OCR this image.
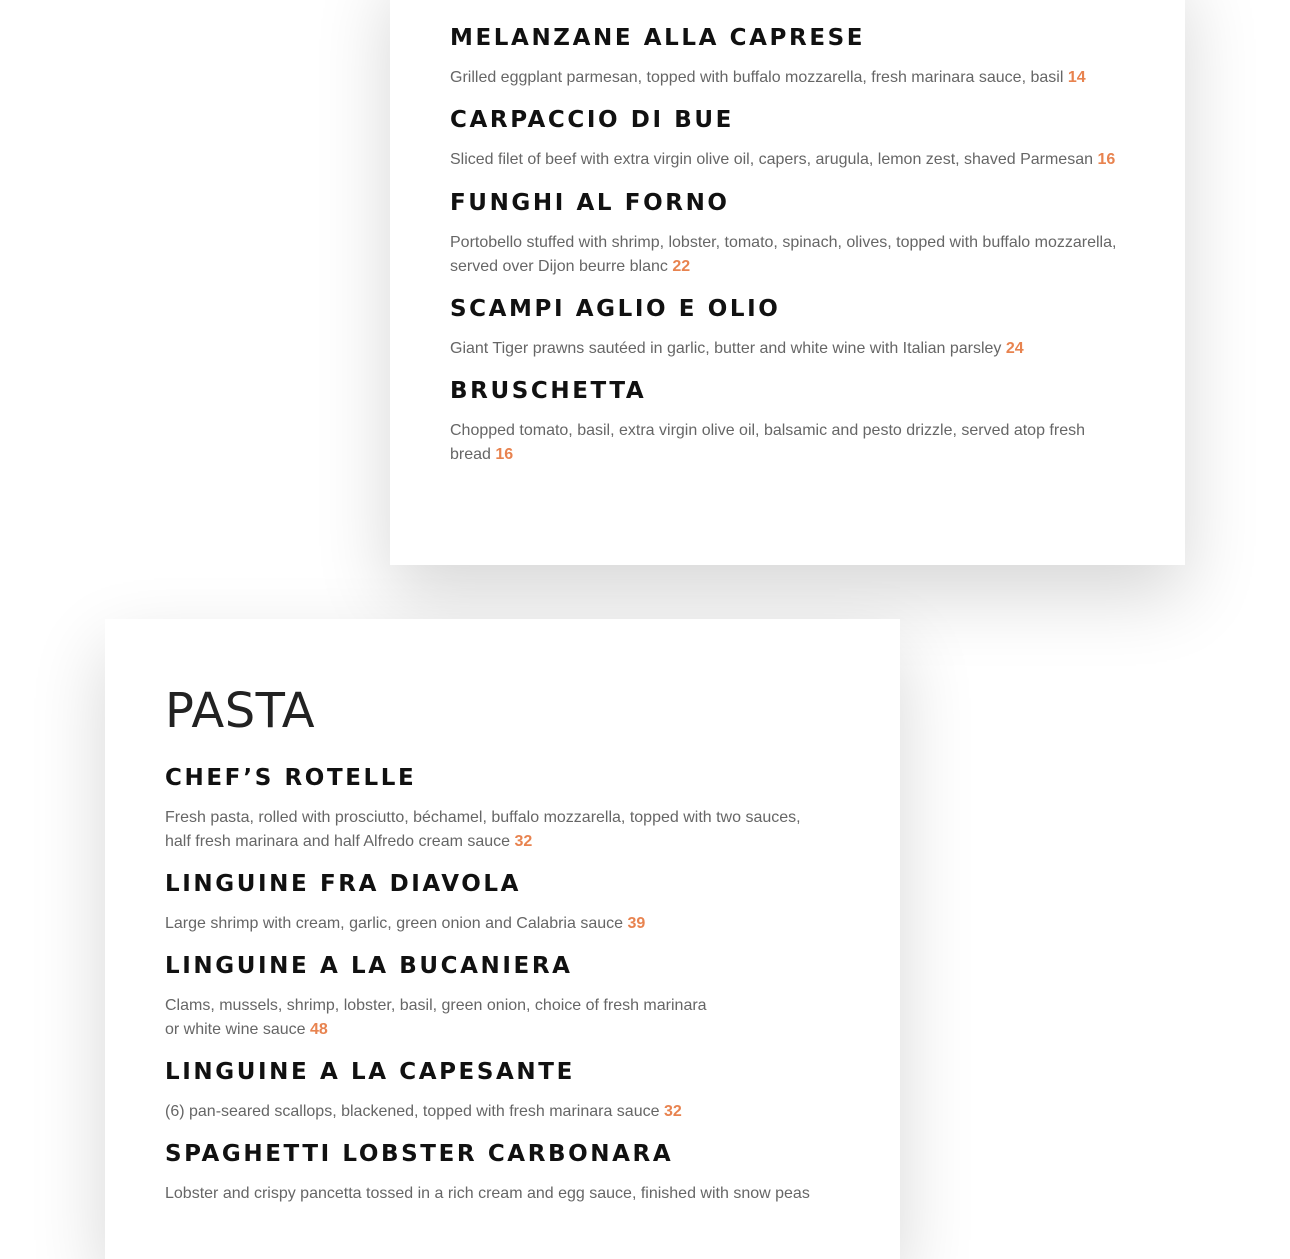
MELANZANE ALLA CAPRESE

Grilled eggplant parmesan, topped with buffalo mozzarella, fresh marinara sauce, basil 14

CARPACCIO DI BUE

Sliced filet of beef with extra virgin olive oil, capers, arugula, lemon zest, shaved Parmesan 16

FUNGHI AL FORNO

Portobello stuffed with shrimp, lobster, tomato, spinach, olives, topped with buffalo mozzarella, served over Dijon beurre blanc 22

SCAMPI AGLIO E OLIO

Giant Tiger prawns sautéed in garlic, butter and white wine with Italian parsley 24

BRUSCHETTA

Chopped tomato, basil, extra virgin olive oil, balsamic and pesto drizzle, served atop fresh bread 16

PASTA
CHEF’S ROTELLE

Fresh pasta, rolled with prosciutto, béchamel, buffalo mozzarella, topped with two sauces, half fresh marinara and half Alfredo cream sauce 32

LINGUINE FRA DIAVOLA

Large shrimp with cream, garlic, green onion and Calabria sauce 39

LINGUINE A LA BUCANIERA

Clams, mussels, shrimp, lobster, basil, green onion, choice of fresh marinara or white wine sauce 48

LINGUINE A LA CAPESANTE

(6) pan-seared scallops, blackened, topped with fresh marinara sauce 32

SPAGHETTI LOBSTER CARBONARA

Lobster and crispy pancetta tossed in a rich cream and egg sauce, finished with snow peas
